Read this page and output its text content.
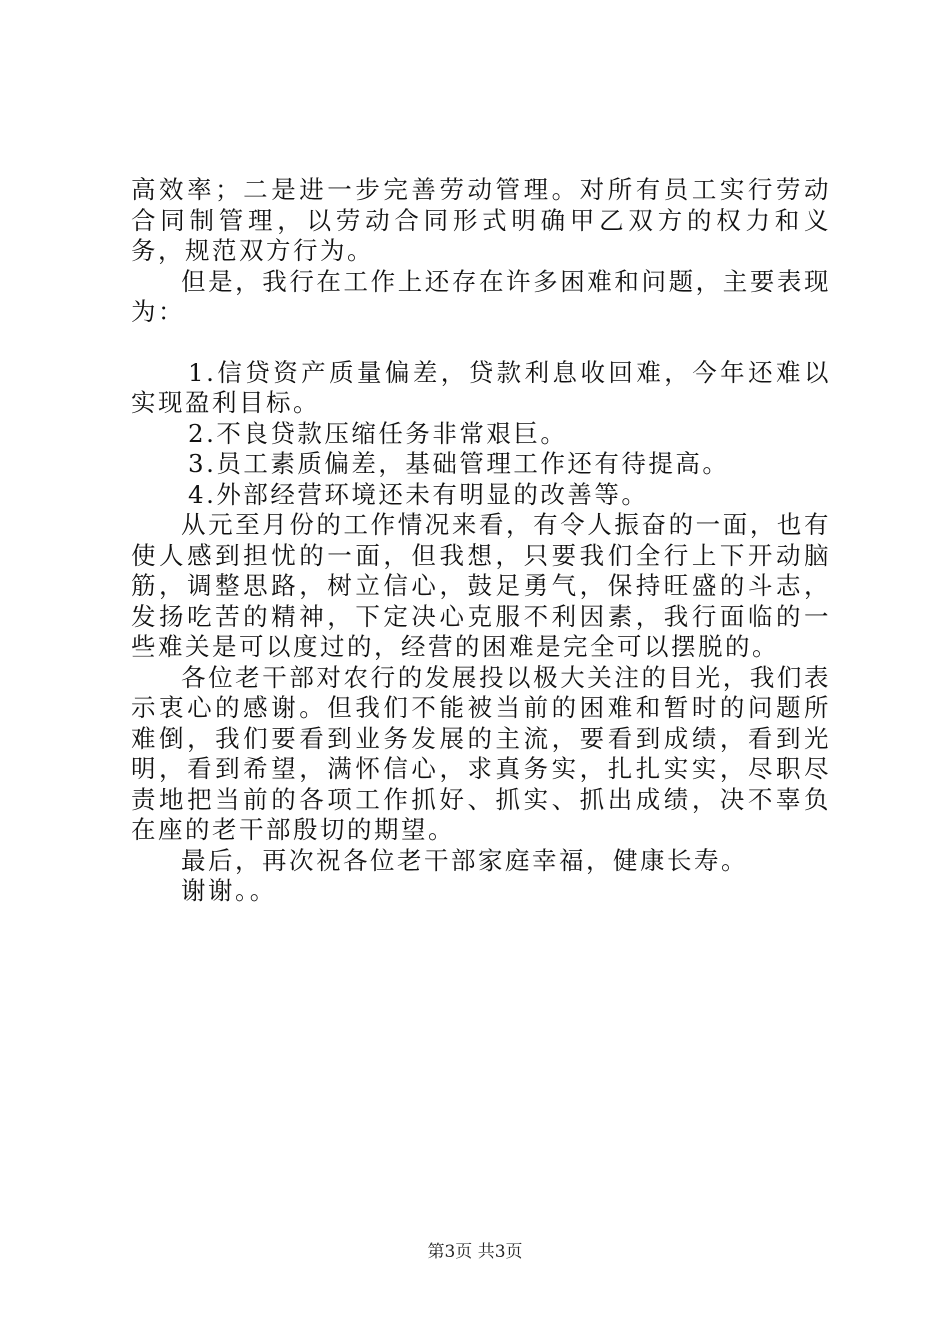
高效率；二是进一步完善劳动管理。对所有员工实行劳动合同制管理，以劳动合同形式明确甲乙双方的权力和义务，规范双方行为。

但是，我行在工作上还存在许多困难和问题，主要表现为：

1.信贷资产质量偏差，贷款利息收回难，今年还难以实现盈利目标。

2.不良贷款压缩任务非常艰巨。

3.员工素质偏差，基础管理工作还有待提高。

4.外部经营环境还未有明显的改善等。

从元至月份的工作情况来看，有令人振奋的一面，也有使人感到担忧的一面，但我想，只要我们全行上下开动脑筋，调整思路，树立信心，鼓足勇气，保持旺盛的斗志，发扬吃苦的精神，下定决心克服不利因素，我行面临的一些难关是可以度过的，经营的困难是完全可以摆脱的。

各位老干部对农行的发展投以极大关注的目光，我们表示衷心的感谢。但我们不能被当前的困难和暂时的问题所难倒，我们要看到业务发展的主流，要看到成绩，看到光明，看到希望，满怀信心，求真务实，扎扎实实，尽职尽责地把当前的各项工作抓好、抓实、抓出成绩，决不辜负在座的老干部殷切的期望。

最后，再次祝各位老干部家庭幸福，健康长寿。

谢谢。。

第3页 共3页
